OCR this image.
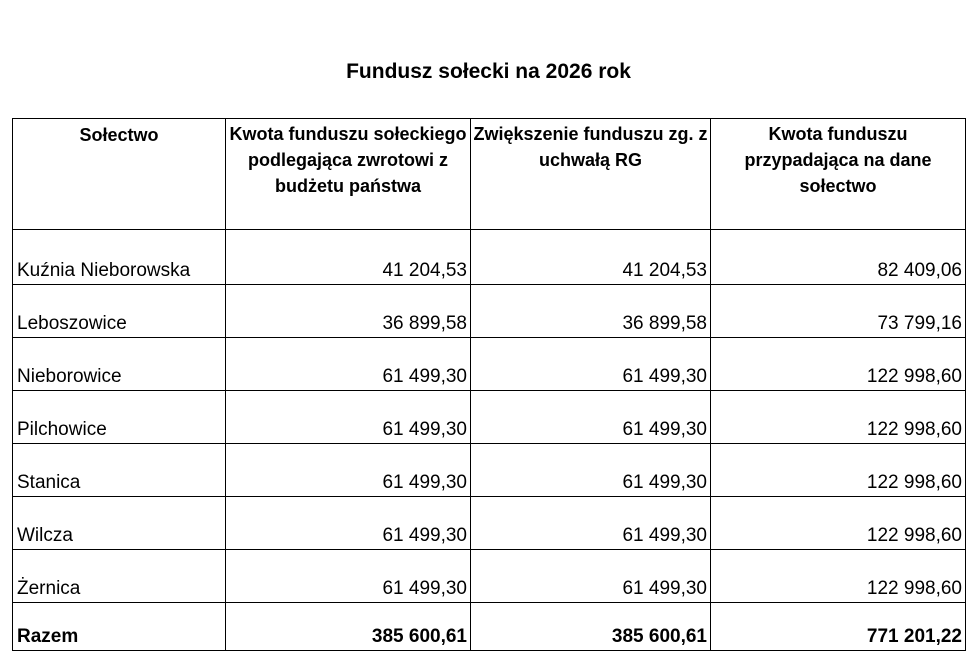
Fundusz sołecki na 2026 rok
Sołectwo	Kwota funduszu sołeckiego podlegająca zwrotowi z budżetu państwa	Zwiększenie funduszu zg. z uchwałą RG	Kwota funduszu przypadająca na dane sołectwo
Kuźnia Nieborowska	41 204,53	41 204,53	82 409,06
Leboszowice	36 899,58	36 899,58	73 799,16
Nieborowice	61 499,30	61 499,30	122 998,60
Pilchowice	61 499,30	61 499,30	122 998,60
Stanica	61 499,30	61 499,30	122 998,60
Wilcza	61 499,30	61 499,30	122 998,60
Żernica	61 499,30	61 499,30	122 998,60
Razem	385 600,61	385 600,61	771 201,22
